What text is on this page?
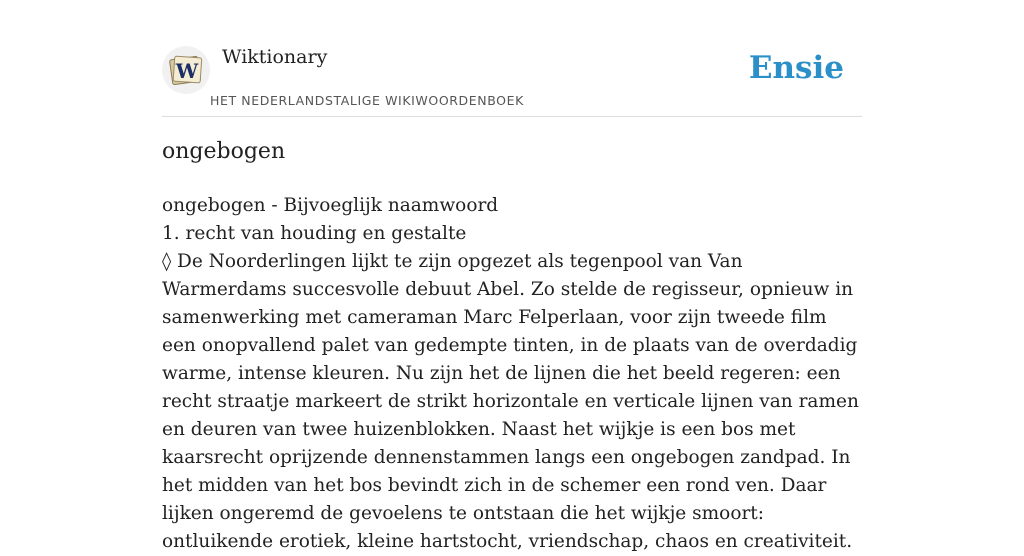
W
Wiktionary
HET NEDERLANDSTALIGE WIKIWOORDENBOEK
Ensie
ongebogen

ongebogen - Bijvoeglijk naamwoord

1. recht van houding en gestalte

◊ De Noorderlingen lijkt te zijn opgezet als tegenpool van Van Warmerdams succesvolle debuut Abel. Zo stelde de regisseur, opnieuw in samenwerking met cameraman Marc Felperlaan, voor zijn tweede film een onopvallend palet van gedempte tinten, in de plaats van de overdadig warme, intense kleuren. Nu zijn het de lijnen die het beeld regeren: een recht straatje markeert de strikt horizontale en verticale lijnen van ramen en deuren van twee huizenblokken. Naast het wijkje is een bos met kaarsrecht oprijzende dennenstammen langs een ongebogen zandpad. In het midden van het bos bevindt zich in de schemer een rond ven. Daar lijken ongeremd de gevoelens te ontstaan die het wijkje smoort: ontluikende erotiek, kleine hartstocht, vriendschap, chaos en creativiteit.
